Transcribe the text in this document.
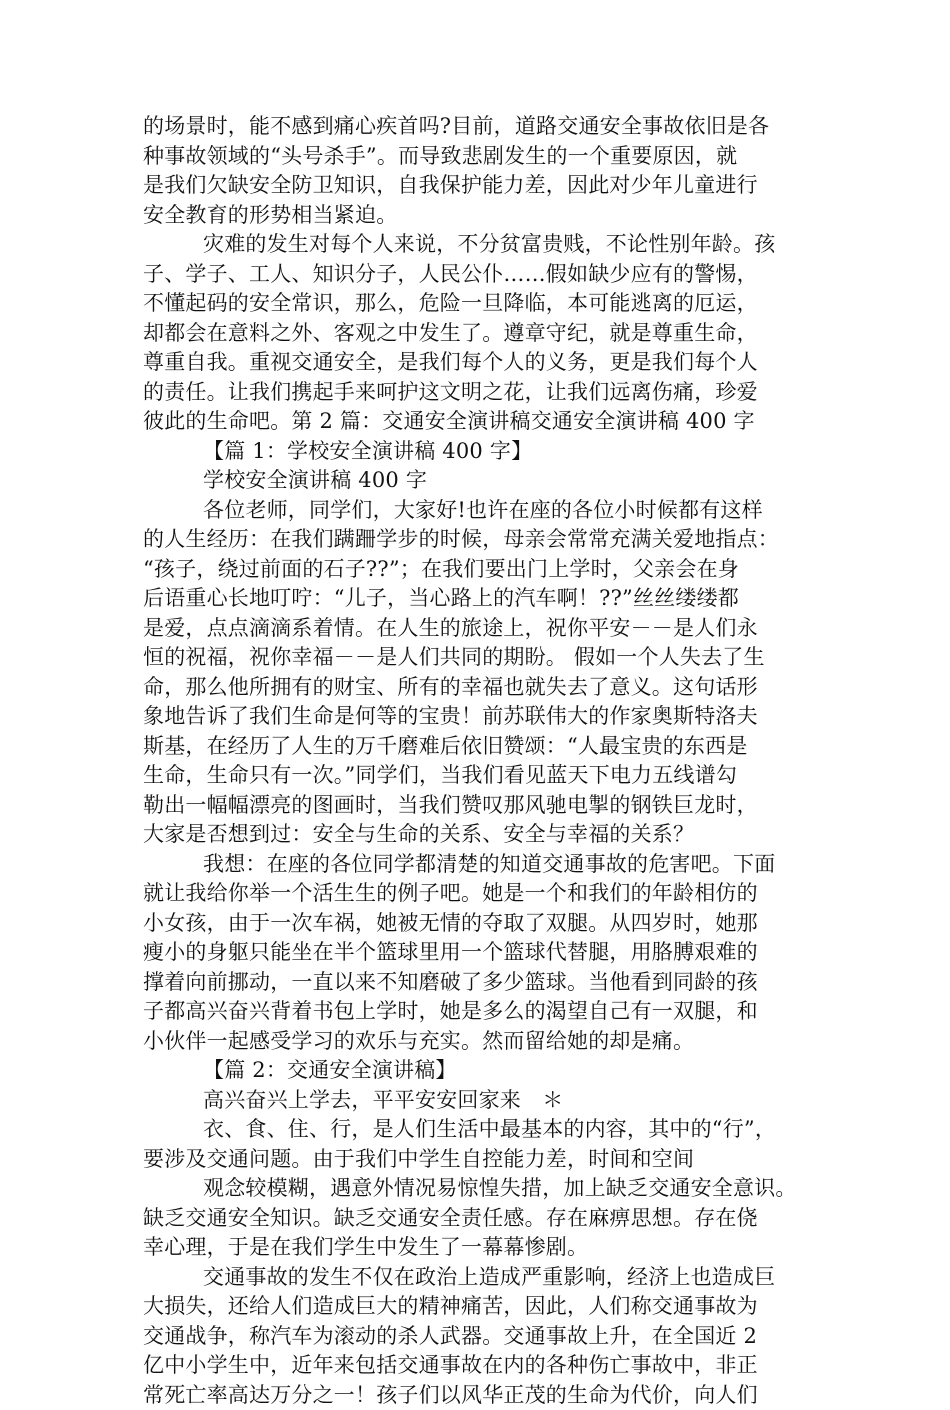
的场景时，能不感到痛心疾首吗?目前，道路交通安全事故依旧是各
种事故领域的“头号杀手”。而导致悲剧发生的一个重要原因，就
是我们欠缺安全防卫知识，自我保护能力差，因此对少年儿童进行
安全教育的形势相当紧迫。
灾难的发生对每个人来说，不分贫富贵贱，不论性别年龄。孩
子、学子、工人、知识分子，人民公仆……假如缺少应有的警惕，
不懂起码的安全常识，那么，危险一旦降临，本可能逃离的厄运，
却都会在意料之外、客观之中发生了。遵章守纪，就是尊重生命，
尊重自我。重视交通安全，是我们每个人的义务，更是我们每个人
的责任。让我们携起手来呵护这文明之花，让我们远离伤痛，珍爱
彼此的生命吧。第 2 篇：交通安全演讲稿交通安全演讲稿 400 字
【篇 1：学校安全演讲稿 400 字】
学校安全演讲稿 400 字
各位老师，同学们，大家好!也许在座的各位小时候都有这样
的人生经历：在我们蹒跚学步的时候，母亲会常常充满关爱地指点：
“孩子，绕过前面的石子??”；在我们要出门上学时，父亲会在身
后语重心长地叮咛：“儿子，当心路上的汽车啊！??”丝丝缕缕都
是爱，点点滴滴系着情。在人生的旅途上，祝你平安－－是人们永
恒的祝福，祝你幸福－－是人们共同的期盼。 假如一个人失去了生
命，那么他所拥有的财宝、所有的幸福也就失去了意义。这句话形
象地告诉了我们生命是何等的宝贵！前苏联伟大的作家奥斯特洛夫
斯基，在经历了人生的万千磨难后依旧赞颂：“人最宝贵的东西是
生命，生命只有一次。”同学们，当我们看见蓝天下电力五线谱勾
勒出一幅幅漂亮的图画时，当我们赞叹那风驰电掣的钢铁巨龙时，
大家是否想到过：安全与生命的关系、安全与幸福的关系？
我想：在座的各位同学都清楚的知道交通事故的危害吧。下面
就让我给你举一个活生生的例子吧。她是一个和我们的年龄相仿的
小女孩，由于一次车祸，她被无情的夺取了双腿。从四岁时，她那
瘦小的身躯只能坐在半个篮球里用一个篮球代替腿，用胳膊艰难的
撑着向前挪动，一直以来不知磨破了多少篮球。当他看到同龄的孩
子都高兴奋兴背着书包上学时，她是多么的渴望自己有一双腿，和
小伙伴一起感受学习的欢乐与充实。然而留给她的却是痛。
【篇 2：交通安全演讲稿】
高兴奋兴上学去，平平安安回家来　＊
衣、食、住、行，是人们生活中最基本的内容，其中的“行”，
要涉及交通问题。由于我们中学生自控能力差，时间和空间
观念较模糊，遇意外情况易惊惶失措，加上缺乏交通安全意识。
缺乏交通安全知识。缺乏交通安全责任感。存在麻痹思想。存在侥
幸心理，于是在我们学生中发生了一幕幕惨剧。
交通事故的发生不仅在政治上造成严重影响，经济上也造成巨
大损失，还给人们造成巨大的精神痛苦，因此，人们称交通事故为
交通战争，称汽车为滚动的杀人武器。交通事故上升，在全国近 2
亿中小学生中，近年来包括交通事故在内的各种伤亡事故中，非正
常死亡率高达万分之一！孩子们以风华正茂的生命为代价，向人们
